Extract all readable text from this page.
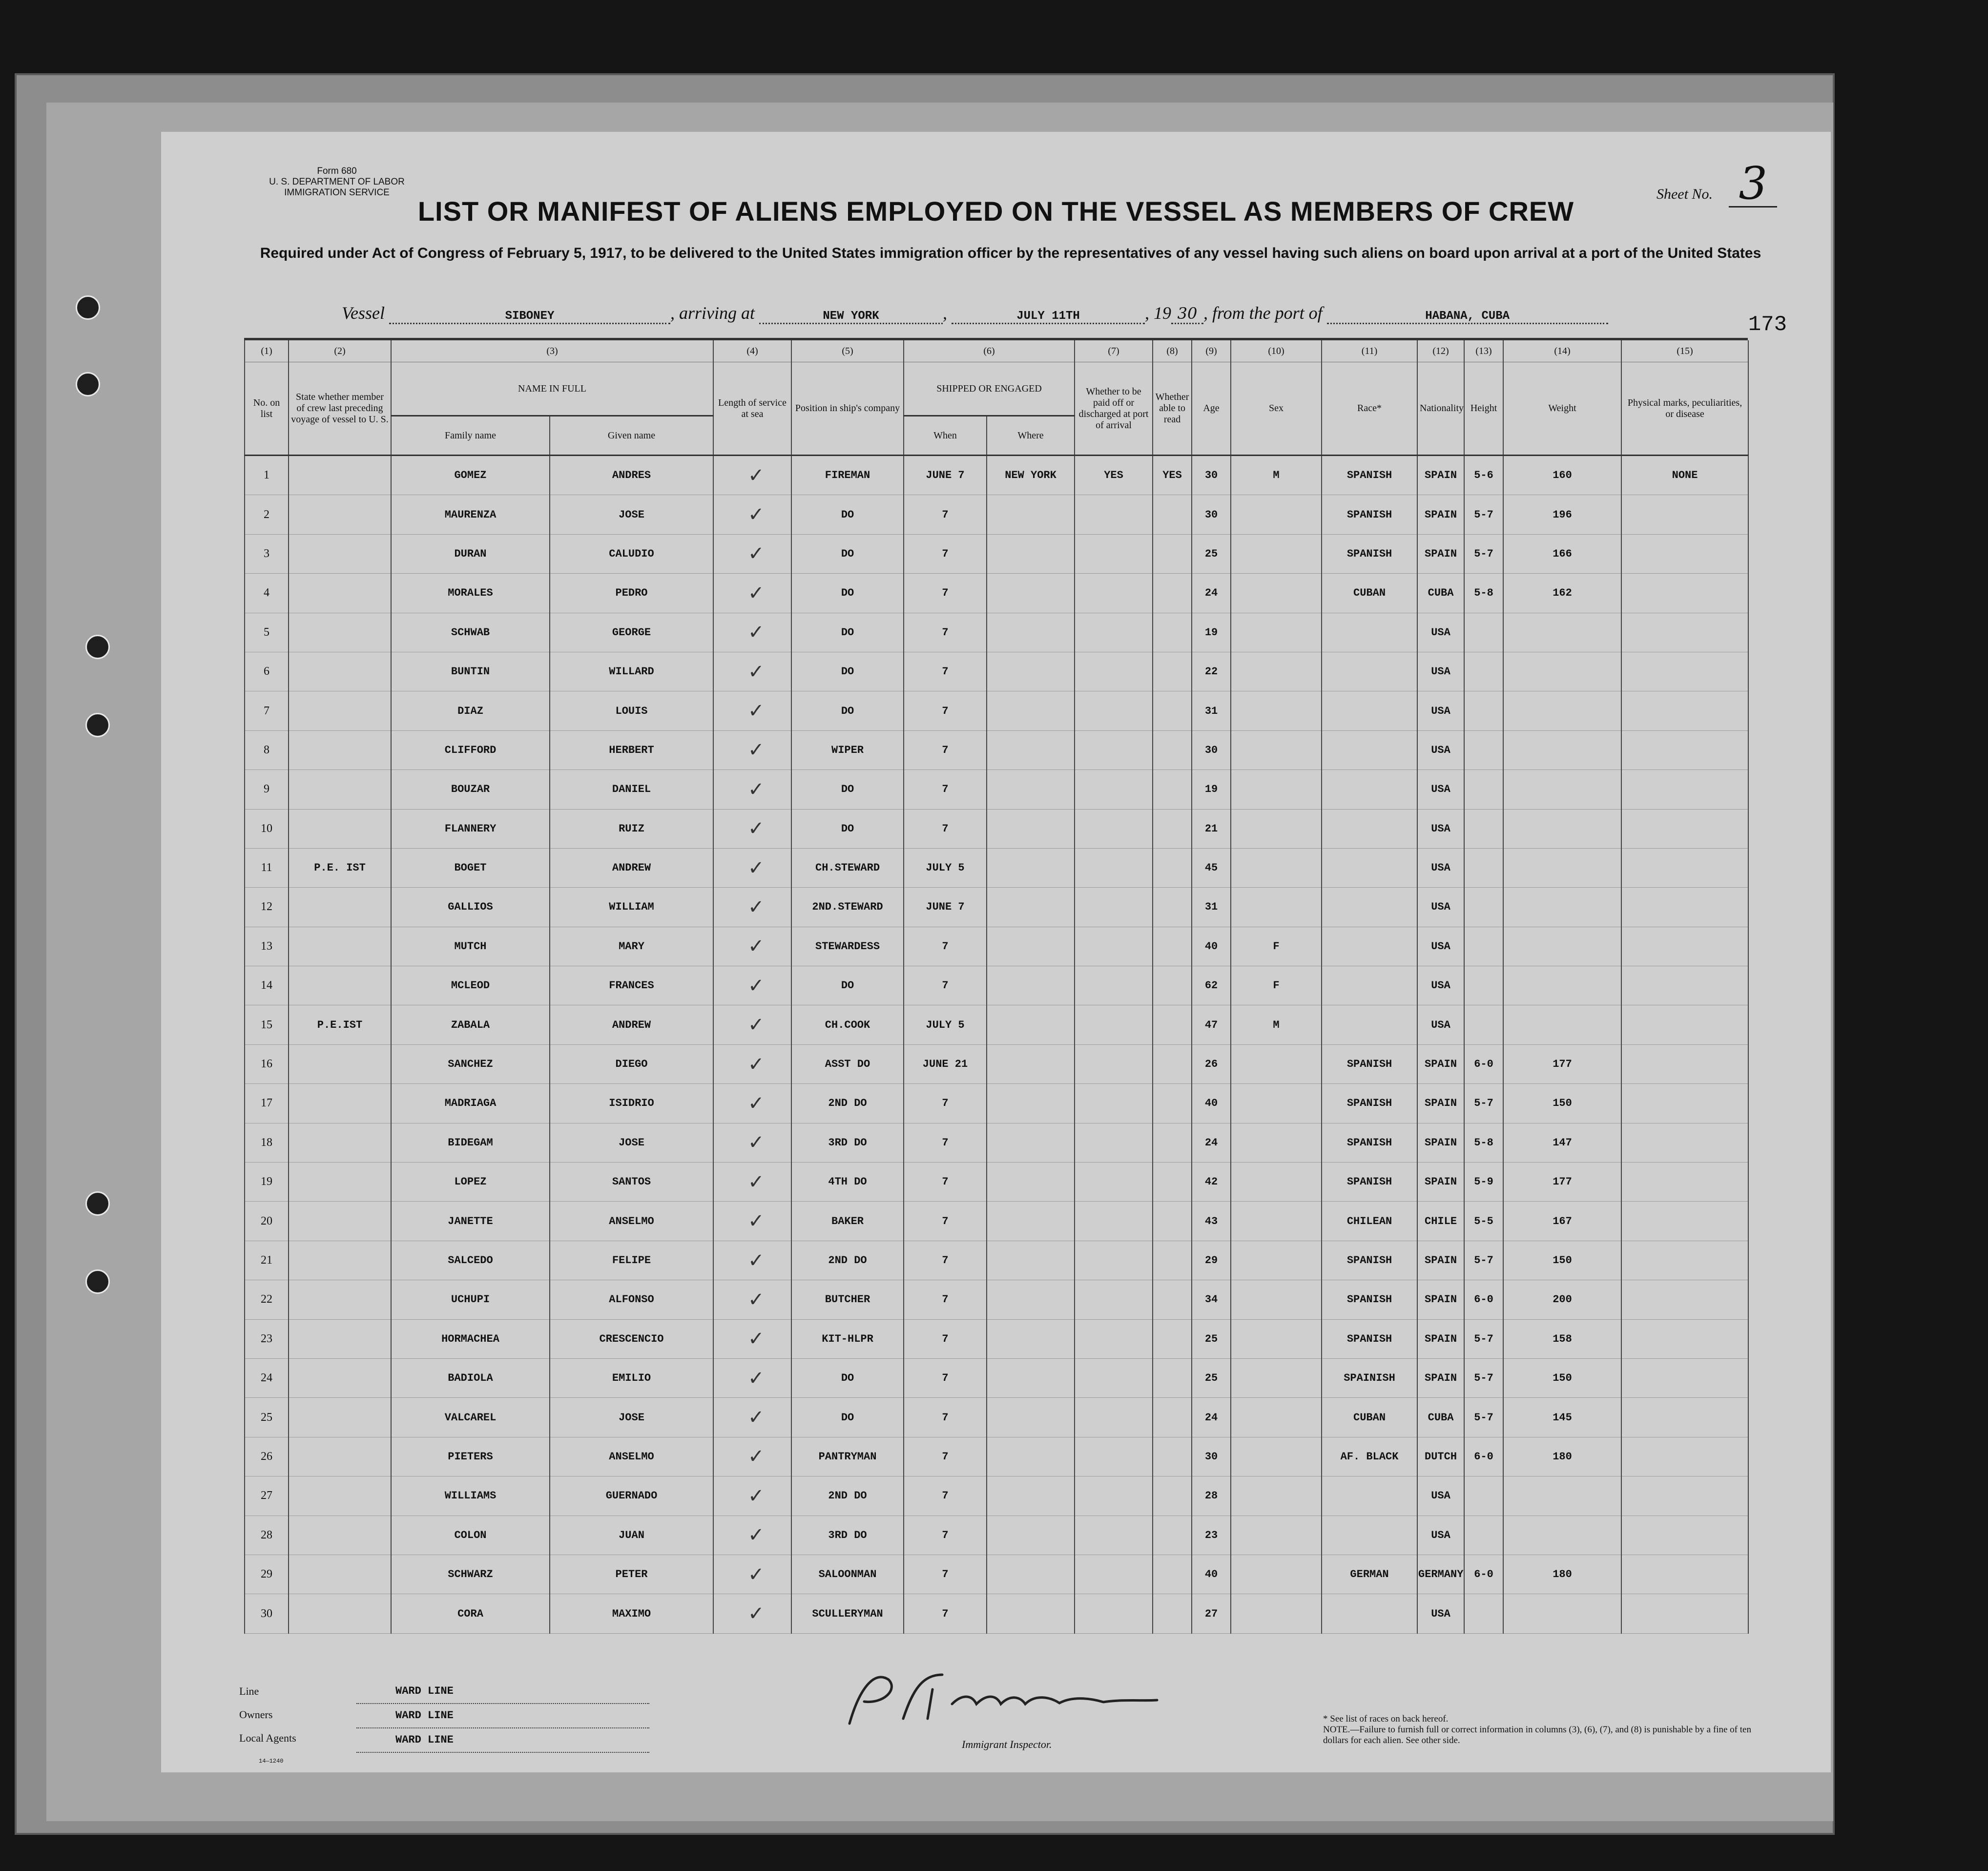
Form 680
U. S. DEPARTMENT OF LABOR
IMMIGRATION SERVICE	Sheet No. 3
LIST OR MANIFEST OF ALIENS EMPLOYED ON THE VESSEL AS MEMBERS OF CREW
Required under Act of Congress of February 5, 1917, to be delivered to the United States immigration officer by the representatives of any vessel having such aliens on board upon arrival at a port of the United States
Vessel	SIBONEY	, arriving at	NEW YORK	,	JULY 11TH	, 19 30 , from the port of	HABANA, CUBA	173
(1)	(2)	(3)		(4)	(5)	(6)		(7)	(8)	(9)	(10)	(11)	(12)	(13)	(14)	(15)	
No. on list	State whether member of crew last preceding voyage of vessel to U. S.	NAME IN FULL		Length of service at sea	Position in ship's company	SHIPPED OR ENGAGED		Whether to be paid off or discharged at port of arrival	Whether able to read	Age	Sex	Race*	Nationality	Height	Weight	Physical marks, peculiarities, or disease	
		Family name	Given name			When	Where										
1		GOMEZ	ANDRES	✓	FIREMAN	JUNE 7	NEW YORK	YES	YES	30	M	SPANISH	SPAIN	5-6	160	NONE	
2		MAURENZA	JOSE	✓	DO	7				30		SPANISH	SPAIN	5-7	196		
3		DURAN	CALUDIO	✓	DO	7				25		SPANISH	SPAIN	5-7	166		
4		MORALES	PEDRO	✓	DO	7				24		CUBAN	CUBA	5-8	162		
5		SCHWAB	GEORGE	✓	DO	7				19			USA				
6		BUNTIN	WILLARD	✓	DO	7				22			USA				
7		DIAZ	LOUIS	✓	DO	7				31			USA				
8		CLIFFORD	HERBERT	✓	WIPER	7				30			USA				
9		BOUZAR	DANIEL	✓	DO	7				19			USA				
10		FLANNERY	RUIZ	✓	DO	7				21			USA				
11	P.E. IST	BOGET	ANDREW	✓	CH.STEWARD	JULY 5				45			USA				
12		GALLIOS	WILLIAM	✓	2ND.STEWARD	JUNE 7				31			USA				
13		MUTCH	MARY	✓	STEWARDESS	7				40	F		USA				
14		MCLEOD	FRANCES	✓	DO	7				62	F		USA				
15	P.E.IST	ZABALA	ANDREW	✓	CH.COOK	JULY 5				47	M		USA				
16		SANCHEZ	DIEGO	✓	ASST DO	JUNE 21				26		SPANISH	SPAIN	6-0	177		
17		MADRIAGA	ISIDRIO	✓	2ND DO	7				40		SPANISH	SPAIN	5-7	150		
18		BIDEGAM	JOSE	✓	3RD DO	7				24		SPANISH	SPAIN	5-8	147		
19		LOPEZ	SANTOS	✓	4TH DO	7				42		SPANISH	SPAIN	5-9	177		
20		JANETTE	ANSELMO	✓	BAKER	7				43		CHILEAN	CHILE	5-5	167		
21		SALCEDO	FELIPE	✓	2ND DO	7				29		SPANISH	SPAIN	5-7	150		
22		UCHUPI	ALFONSO	✓	BUTCHER	7				34		SPANISH	SPAIN	6-0	200		
23		HORMACHEA	CRESCENCIO	✓	KIT-HLPR	7				25		SPANISH	SPAIN	5-7	158		
24		BADIOLA	EMILIO	✓	DO	7				25		SPAINISH	SPAIN	5-7	150		
25		VALCAREL	JOSE	✓	DO	7				24		CUBAN	CUBA	5-7	145		
26		PIETERS	ANSELMO	✓	PANTRYMAN	7				30		AF. BLACK	DUTCH	6-0	180		
27		WILLIAMS	GUERNADO	✓	2ND DO	7				28			USA				
28		COLON	JUAN	✓	3RD DO	7				23			USA				
29		SCHWARZ	PETER	✓	SALOONMAN	7				40		GERMAN	GERMANY	6-0	180		
30		CORA	MAXIMO	✓	SCULLERYMAN	7				27			USA				
Line
Owners
Local Agents
WARD LINE
WARD LINE
WARD LINE
14—1240
Immigrant Inspector.
* See list of races on back hereof.
NOTE.—Failure to furnish full or correct information in columns (3), (6), (7), and (8) is punishable by a fine of ten dollars for each alien. See other side.
